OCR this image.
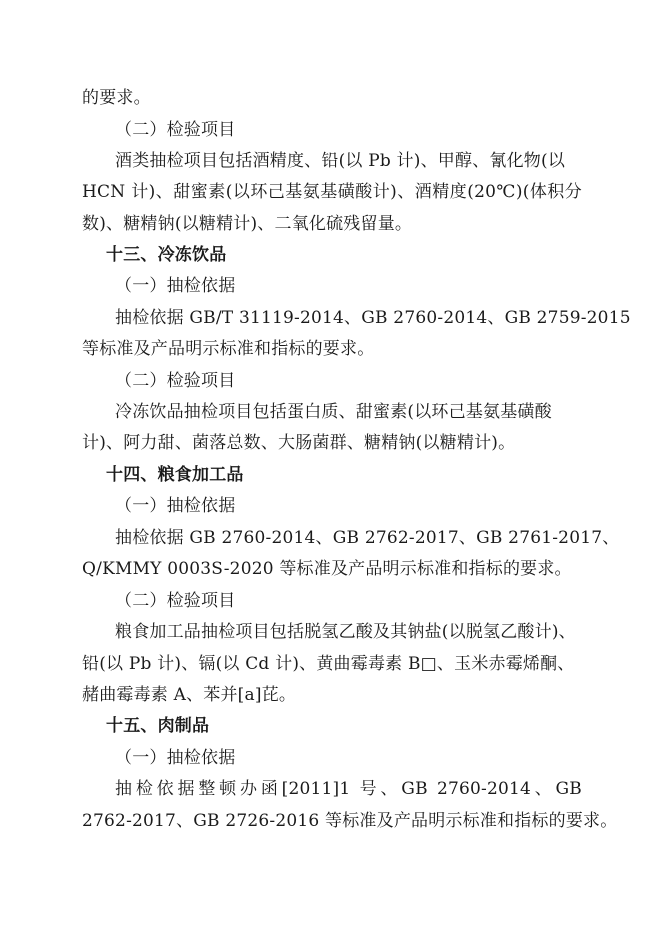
的要求。
（二）检验项目
酒类抽检项目包括酒精度、铅(以 Pb 计)、甲醇、氰化物(以
HCN 计)、甜蜜素(以环己基氨基磺酸计)、酒精度(20℃)(体积分
数)、糖精钠(以糖精计)、二氧化硫残留量。
十三、冷冻饮品
（一）抽检依据
抽检依据 GB/T 31119-2014、GB 2760-2014、GB 2759-2015
等标准及产品明示标准和指标的要求。
（二）检验项目
冷冻饮品抽检项目包括蛋白质、甜蜜素(以环己基氨基磺酸
计)、阿力甜、菌落总数、大肠菌群、糖精钠(以糖精计)。
十四、粮食加工品
（一）抽检依据
抽检依据 GB 2760-2014、GB 2762-2017、GB 2761-2017、
Q/KMMY 0003S-2020 等标准及产品明示标准和指标的要求。
（二）检验项目
粮食加工品抽检项目包括脱氢乙酸及其钠盐(以脱氢乙酸计)、
铅(以 Pb 计)、镉(以 Cd 计)、黄曲霉毒素 B□、玉米赤霉烯酮、
赭曲霉毒素 A、苯并[a]芘。
十五、肉制品
（一）抽检依据
抽检依据整顿办函[2011]1 号、GB 2760-2014、GB
2762-2017、GB 2726-2016 等标准及产品明示标准和指标的要求。
